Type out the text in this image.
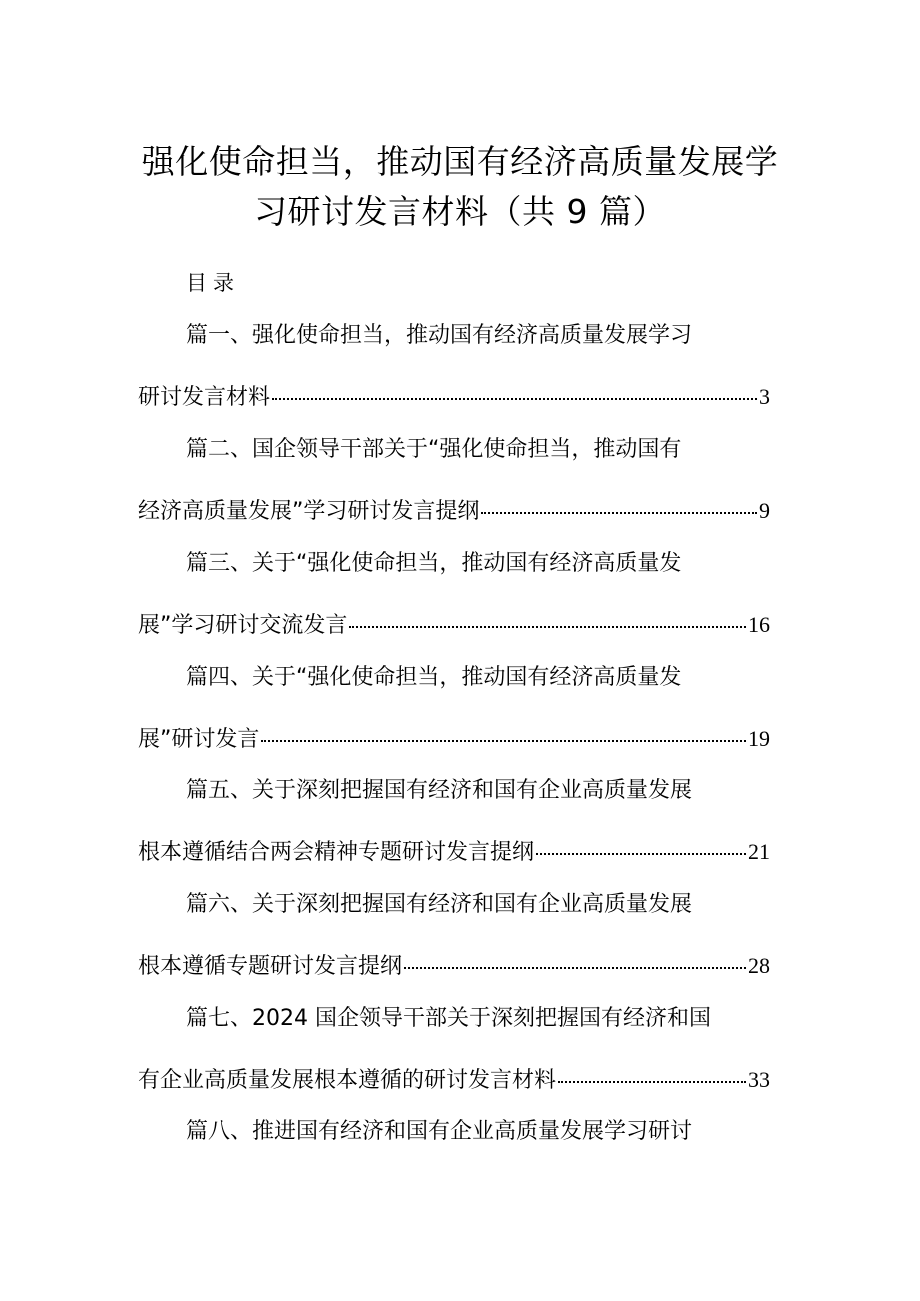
强化使命担当，推动国有经济高质量发展学
习研讨发言材料（共 9 篇）
目录
篇一、强化使命担当，推动国有经济高质量发展学习
研讨发言材料	3
篇二、国企领导干部关于“强化使命担当，推动国有
经济高质量发展”学习研讨发言提纲	9
篇三、关于“强化使命担当，推动国有经济高质量发
展”学习研讨交流发言	16
篇四、关于“强化使命担当，推动国有经济高质量发
展”研讨发言	19
篇五、关于深刻把握国有经济和国有企业高质量发展
根本遵循结合两会精神专题研讨发言提纲	21
篇六、关于深刻把握国有经济和国有企业高质量发展
根本遵循专题研讨发言提纲	28
篇七、2024 国企领导干部关于深刻把握国有经济和国
有企业高质量发展根本遵循的研讨发言材料	33
篇八、推进国有经济和国有企业高质量发展学习研讨
